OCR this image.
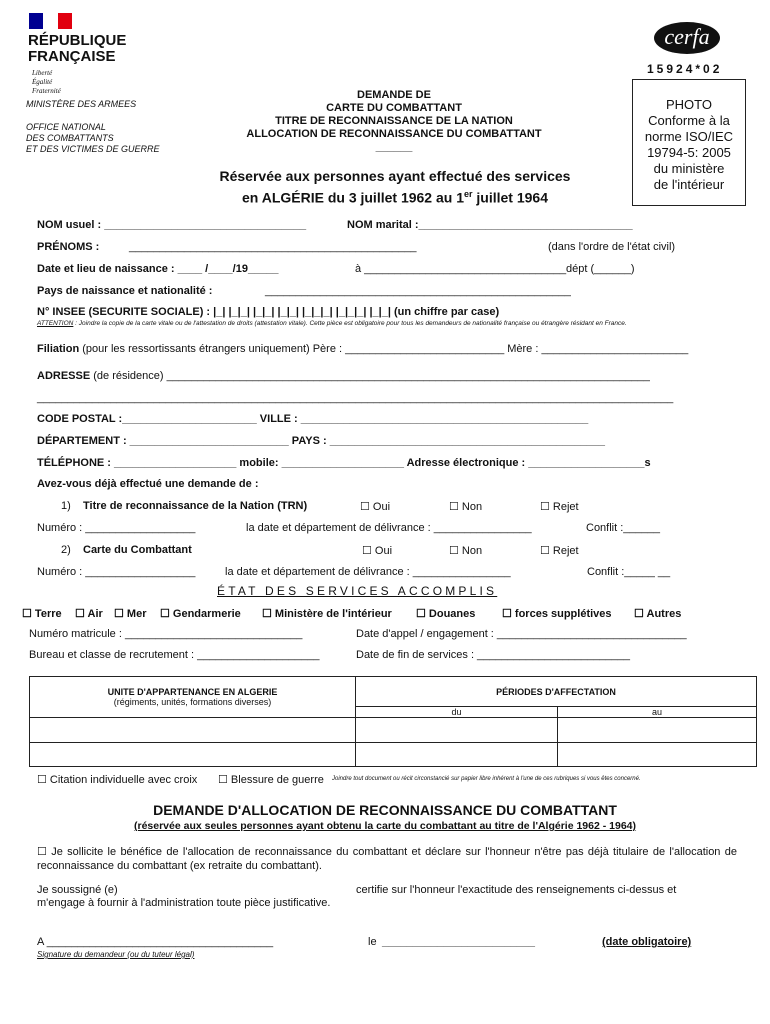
RÉPUBLIQUE
FRANÇAISE
Liberté
Égalité
Fraternité
MINISTÈRE DES ARMEES
OFFICE NATIONAL
DES COMBATTANTS
ET DES VICTIMES DE GUERRE
cerfa
15924*02
DEMANDE DE
CARTE DU COMBATTANT
TITRE DE RECONNAISSANCE DE LA NATION
ALLOCATION DE RECONNAISSANCE DU COMBATTANT
______
Réservée aux personnes ayant effectué des services
en ALGÉRIE du 3 juillet 1962 au 1er juillet 1964
PHOTO
Conforme à la
norme ISO/IEC
19794-5: 2005
du ministère
de l'intérieur
NOM usuel : _________________________________	NOM marital :___________________________________
PRÉNOMS :	_______________________________________________	(dans l'ordre de l'état civil)
Date et lieu de naissance : ____ /____/19_____	à _________________________________dépt (______)
Pays de naissance et nationalité :	__________________________________________________
N° INSEE (SECURITE SOCIALE) : |_| |_|_| |_|_| |_|_| |_|_|_| |_|_|_| |_|_| (un chiffre par case)
ATTENTION : Joindre la copie de la carte vitale ou de l'attestation de droits (attestation vitale). Cette pièce est obligatoire pour tous les demandeurs de nationalité française ou étrangère résidant en France.
Filiation (pour les ressortissants étrangers uniquement) Père : __________________________ Mère : ________________________
ADRESSE (de résidence) _______________________________________________________________________________
________________________________________________________________________________________________________
CODE POSTAL :______________________ VILLE : _______________________________________________
DÉPARTEMENT : __________________________ PAYS : _____________________________________________
TÉLÉPHONE : ____________________ mobile: ____________________ Adresse électronique : ___________________s
Avez-vous déjà effectué une demande de :
1) Titre de reconnaissance de la Nation (TRN)	☐ Oui	☐ Non	☐ Rejet
Numéro : __________________	la date et département de délivrance : ________________	Conflit :______
2) Carte du Combattant	☐ Oui	☐ Non	☐ Rejet
Numéro : __________________	la date et département de délivrance : ________________	Conflit :_____ __
ÉTAT DES SERVICES ACCOMPLIS
☐ Terre ☐ Air ☐ Mer ☐ Gendarmerie ☐ Ministère de l'intérieur ☐ Douanes ☐ forces supplétives ☐ Autres
Numéro matricule : _____________________________	Date d'appel / engagement : _______________________________
Bureau et classe de recrutement : ____________________	Date de fin de services : _________________________
UNITE D'APPARTENANCE EN ALGERIE
(régiments, unités, formations diverses)	PÉRIODES D'AFFECTATION	
	du	au

☐ Citation individuelle avec croix ☐ Blessure de guerre Joindre tout document ou récit circonstancié sur papier libre inhérent à l'une de ces rubriques si vous êtes concerné.
DEMANDE D'ALLOCATION DE RECONNAISSANCE DU COMBATTANT
(réservée aux seules personnes ayant obtenu la carte du combattant au titre de l'Algérie 1962 - 1964)
☐ Je sollicite le bénéfice de l'allocation de reconnaissance du combattant et déclare sur l'honneur n'être pas déjà titulaire de l'allocation de reconnaissance du combattant (ex retraite du combattant).
Je soussigné (e)	certifie sur l'honneur l'exactitude des renseignements ci-dessus et
m'engage à fournir à l'administration toute pièce justificative.
A _____________________________________	le _________________________	(date obligatoire)
Signature du demandeur (ou du tuteur légal)
